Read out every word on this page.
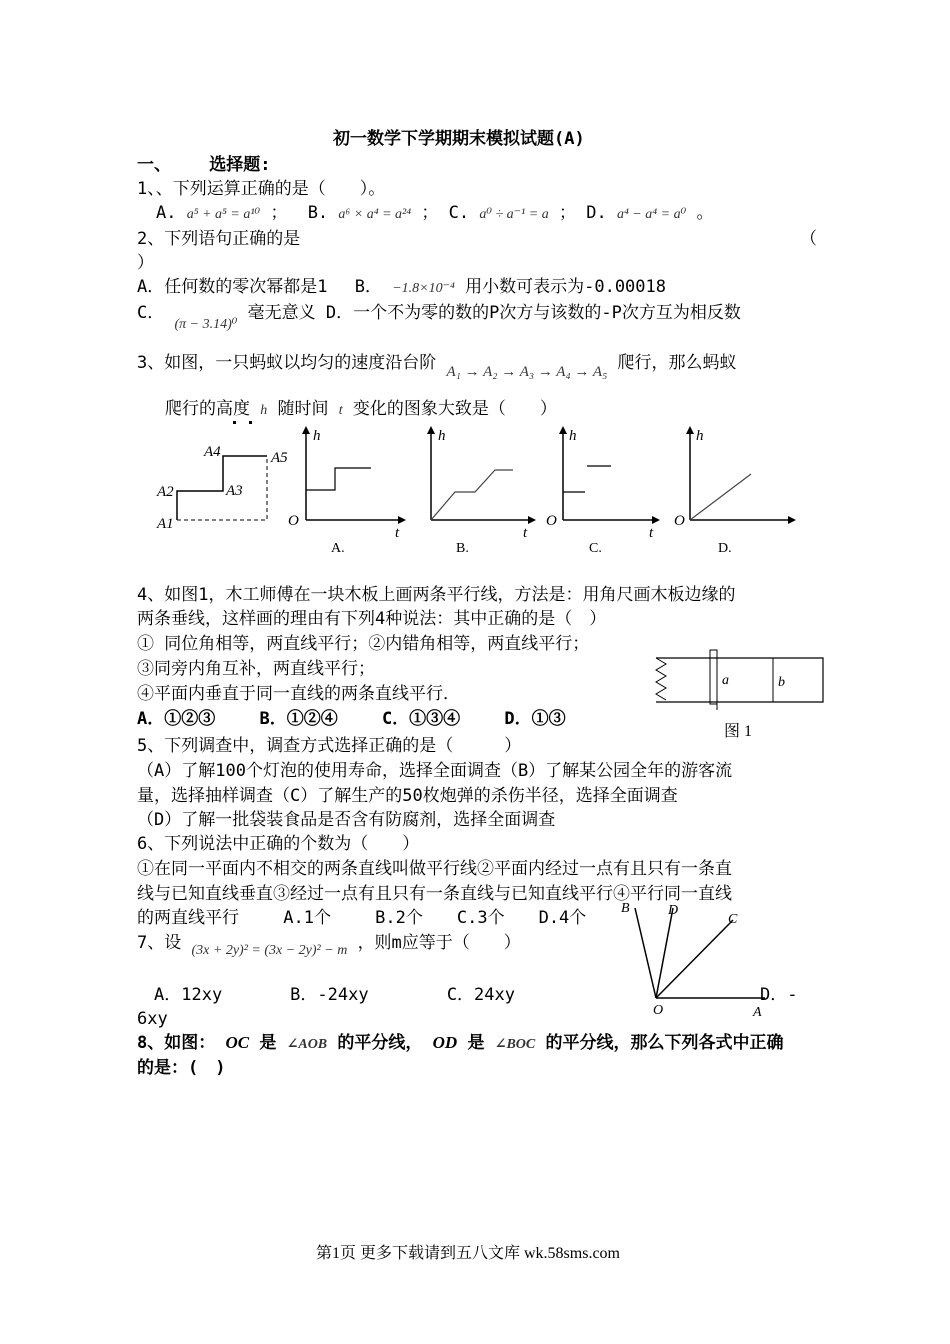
初一数学下学期期末模拟试题(A)
一、 选择题:
1、、下列运算正确的是（　　）。
A. a⁵ + a⁵ = a¹⁰ ； B. a⁶ × a⁴ = a²⁴ ； C. a⁰ ÷ a⁻¹ = a ； D. a⁴ − a⁴ = a⁰ 。
2、下列语句正确的是	（
）
A．任何数的零次幂都是1　 B． −1.8×10⁻⁴ 用小数可表示为-0.00018
C． $_{(\pi - 3.14)^0}$ 毫无意义 D．一个不为零的数的P次方与该数的-P次方互为相反数
3、如图，一只蚂蚁以均匀的速度沿台阶 A₁ → A₂ → A₃ → A₄ → A₅ 爬行，那么蚂蚁
爬行的高度 h 随时间 t 变化的图象大致是（　　）
A1
A2	A3
A4	A5
h
t
O
A.
h
t
B.
h
t
O
C.
h
O
D.
4、如图1，木工师傅在一块木板上画两条平行线，方法是：用角尺画木板边缘的
两条垂线，这样画的理由有下列4种说法：其中正确的是（　）
① 同位角相等，两直线平行；②内错角相等，两直线平行；
③同旁内角互补，两直线平行；
④平面内垂直于同一直线的两条直线平行．
A．①②③　　 B．①②④　　 C．①③④　　 D．①③
a	b
图 1
5、下列调查中，调查方式选择正确的是（　　　）
（A）了解100个灯泡的使用寿命，选择全面调查（B）了解某公园全年的游客流
量，选择抽样调查（C）了解生产的50枚炮弹的杀伤半径，选择全面调查
（D）了解一批袋装食品是否含有防腐剂，选择全面调查
6、下列说法中正确的个数为（　　）
①在同一平面内不相交的两条直线叫做平行线②平面内经过一点有且只有一条直
线与已知直线垂直③经过一点有且只有一条直线与已知直线平行④平行同一直线
的两直线平行　　 A.1个　　 B.2个　　C.3个　　D.4个 B	D
C
O	A
7、设 $_{(3x + 2y)^2 = (3x - 2y)^2 - m}$ ，则m应等于（　　）
　A．12xy　　　　B．-24xy　　　　 C．24xy	D．-
6xy
8、如图： OC 是 ∠AOB 的平分线， OD 是 ∠BOC 的平分线，那么下列各式中正确
的是：(　)
第1页 更多下载请到五八文库 wk.58sms.com
